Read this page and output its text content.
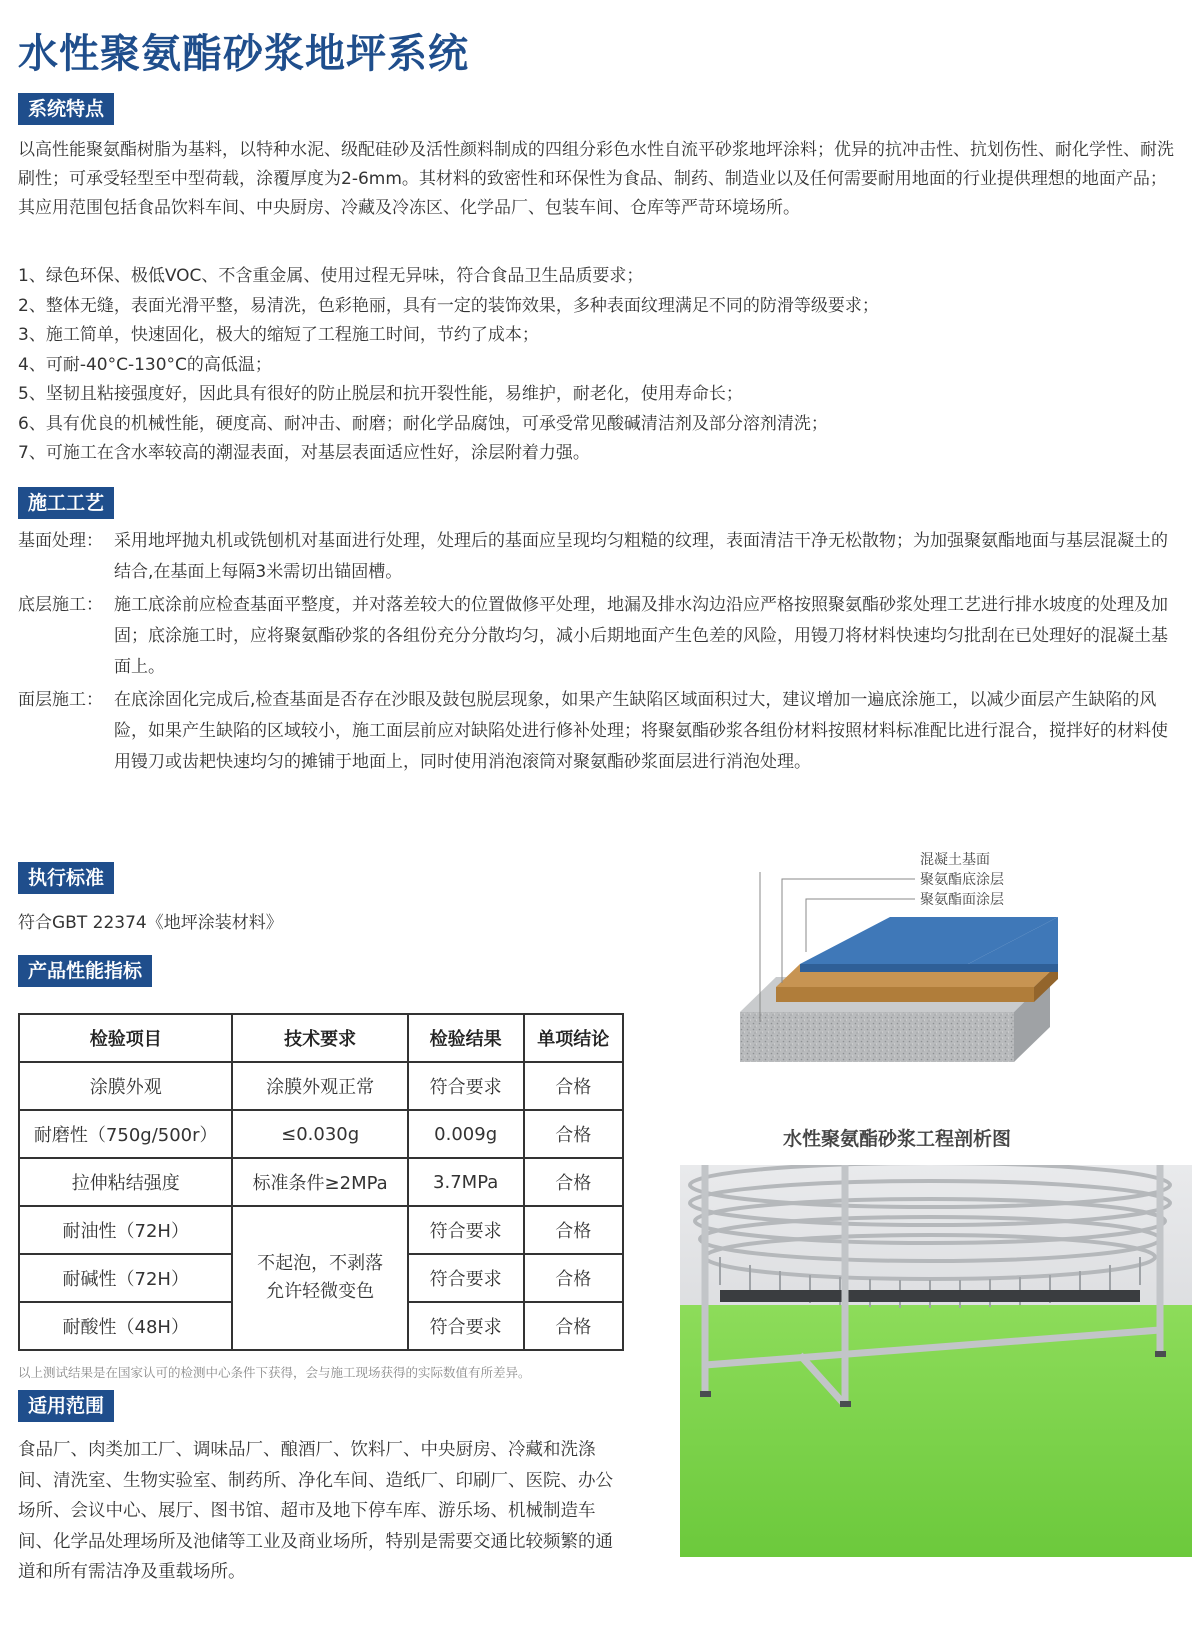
水性聚氨酯砂浆地坪系统
系统特点
以高性能聚氨酯树脂为基料，以特种水泥、级配硅砂及活性颜料制成的四组分彩色水性自流平砂浆地坪涂料；优异的抗冲击性、抗划伤性、耐化学性、耐洗刷性；可承受轻型至中型荷载，涂覆厚度为2-6mm。其材料的致密性和环保性为食品、制药、制造业以及任何需要耐用地面的行业提供理想的地面产品；其应用范围包括食品饮料车间、中央厨房、冷藏及冷冻区、化学品厂、包装车间、仓库等严苛环境场所。
1、绿色环保、极低VOC、不含重金属、使用过程无异味，符合食品卫生品质要求；
2、整体无缝，表面光滑平整，易清洗，色彩艳丽，具有一定的装饰效果，多种表面纹理满足不同的防滑等级要求；
3、施工简单，快速固化，极大的缩短了工程施工时间，节约了成本；
4、可耐-40°C-130°C的高低温；
5、坚韧且粘接强度好，因此具有很好的防止脱层和抗开裂性能，易维护，耐老化，使用寿命长；
6、具有优良的机械性能，硬度高、耐冲击、耐磨；耐化学品腐蚀，可承受常见酸碱清洁剂及部分溶剂清洗；
7、可施工在含水率较高的潮湿表面，对基层表面适应性好，涂层附着力强。
施工工艺
基面处理： 采用地坪抛丸机或铣刨机对基面进行处理，处理后的基面应呈现均匀粗糙的纹理，表面清洁干净无松散物；为加强聚氨酯地面与基层混凝土的结合,在基面上每隔3米需切出锚固槽。
底层施工： 施工底涂前应检查基面平整度，并对落差较大的位置做修平处理，地漏及排水沟边沿应严格按照聚氨酯砂浆处理工艺进行排水坡度的处理及加固；底涂施工时，应将聚氨酯砂浆的各组份充分分散均匀，减小后期地面产生色差的风险，用镘刀将材料快速均匀批刮在已处理好的混凝土基面上。
面层施工： 在底涂固化完成后,检查基面是否存在沙眼及鼓包脱层现象，如果产生缺陷区域面积过大，建议增加一遍底涂施工，以减少面层产生缺陷的风险，如果产生缺陷的区域较小，施工面层前应对缺陷处进行修补处理；将聚氨酯砂浆各组份材料按照材料标准配比进行混合，搅拌好的材料使用镘刀或齿耙快速均匀的摊铺于地面上，同时使用消泡滚筒对聚氨酯砂浆面层进行消泡处理。
执行标准
符合GBT 22374《地坪涂装材料》
产品性能指标
检验项目	技术要求	检验结果	单项结论
涂膜外观	涂膜外观正常	符合要求	合格
耐磨性（750g/500r）	≤0.030g	0.009g	合格
拉伸粘结强度	标准条件≥2MPa	3.7MPa	合格
耐油性（72H）	不起泡，不剥落
允许轻微变色	符合要求	合格
耐碱性（72H）		符合要求	合格
耐酸性（48H）		符合要求	合格
以上测试结果是在国家认可的检测中心条件下获得，会与施工现场获得的实际数值有所差异。
适用范围
食品厂、肉类加工厂、调味品厂、酿酒厂、饮料厂、中央厨房、冷藏和洗涤间、清洗室、生物实验室、制药所、净化车间、造纸厂、印刷厂、医院、办公场所、会议中心、展厅、图书馆、超市及地下停车库、游乐场、机械制造车间、化学品处理场所及池储等工业及商业场所，特别是需要交通比较频繁的通道和所有需洁净及重载场所。
混凝土基面
聚氨酯底涂层
聚氨酯面涂层
水性聚氨酯砂浆工程剖析图
